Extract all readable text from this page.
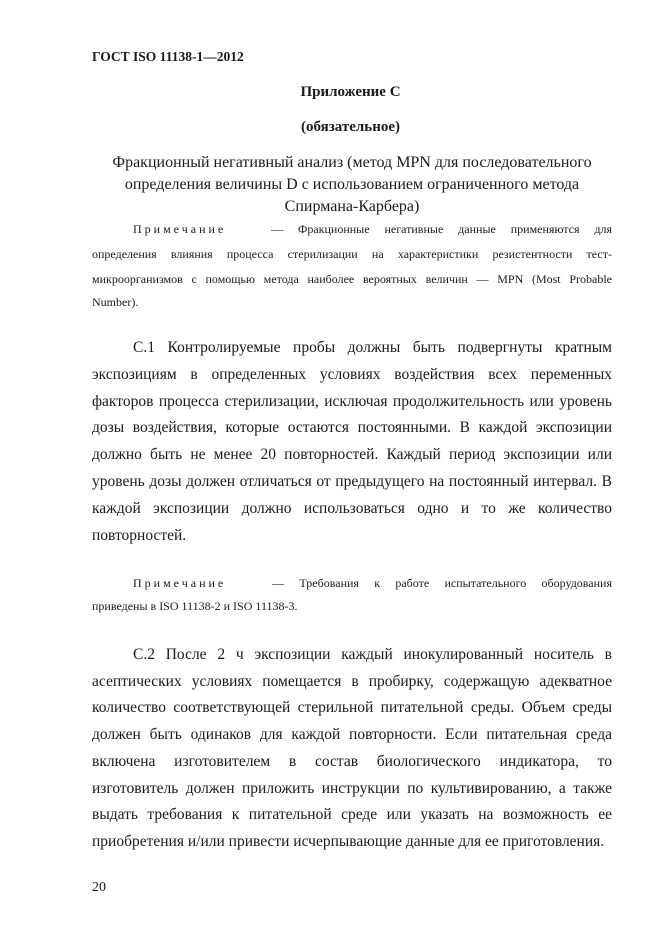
ГОСТ ISO 11138-1—2012
Приложение С
(обязательное)
Фракционный негативный анализ (метод MPN для последовательного определения величины D с использованием ограниченного метода Спирмана-Карбера)
Примечание	— Фракционные негативные данные применяются для
определения влияния процесса стерилизации на характеристики резистентности тест-
микроорганизмов с помощью метода наиболее вероятных величин — MPN (Most Probable
Number).
С.1 Контролируемые пробы должны быть подвергнуты кратным
экспозициям в определенных условиях воздействия всех переменных
факторов процесса стерилизации, исключая продолжительность или уровень
дозы воздействия, которые остаются постоянными. В каждой экспозиции
должно быть не менее 20 повторностей. Каждый период экспозиции или
уровень дозы должен отличаться от предыдущего на постоянный интервал. В
каждой экспозиции должно использоваться одно и то же количество
повторностей.
Примечание	— Требования к работе испытательного оборудования
приведены в ISO 11138-2 и ISO 11138-3.
С.2 После 2 ч экспозиции каждый инокулированный носитель в
асептических условиях помещается в пробирку, содержащую адекватное
количество соответствующей стерильной питательной среды. Объем среды
должен быть одинаков для каждой повторности. Если питательная среда
включена изготовителем в состав биологического индикатора, то
изготовитель должен приложить инструкции по культивированию, а также
выдать требования к питательной среде или указать на возможность ее
приобретения и/или привести исчерпывающие данные для ее приготовления.
20
